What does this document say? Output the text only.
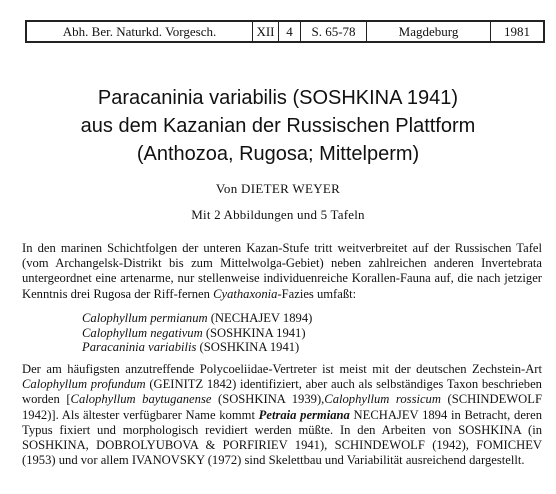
Abh. Ber. Naturkd. Vorgesch.	XII 4	S. 65-78	Magdeburg	1981
Paracaninia variabilis (SOSHKINA 1941)
aus dem Kazanian der Russischen Plattform
(Anthozoa, Rugosa; Mittelperm)
Von DIETER WEYER
Mit 2 Abbildungen und 5 Tafeln
In den marinen Schichtfolgen der unteren Kazan-Stufe tritt weitverbreitet auf der Russischen Tafel (vom Archangelsk-Distrikt bis zum Mittelwolga-Gebiet) neben zahlreichen anderen Invertebrata untergeordnet eine artenarme, nur stellenweise individuenreiche Korallen-Fauna auf, die nach jetziger Kenntnis drei Rugosa der Riff-fernen Cyathaxonia-Fazies umfaßt:
Calophyllum permianum (NECHAJEV 1894)
Calophyllum negativum (SOSHKINA 1941)
Paracaninia variabilis (SOSHKINA 1941)
Der am häufigsten anzutreffende Polycoeliidae-Vertreter ist meist mit der deutschen Zechstein-Art Calophyllum profundum (GEINITZ 1842) identifiziert, aber auch als selbständiges Taxon beschrieben worden [Calophyllum baytuganense (SOSHKINA 1939),Calophyllum rossicum (SCHINDEWOLF 1942)]. Als ältester verfügbarer Name kommt Petraia permiana NECHAJEV 1894 in Betracht, deren Typus fixiert und morphologisch revidiert werden müßte. In den Arbeiten von SOSHKINA (in SOSHKINA, DOBROLYUBOVA & PORFIRIEV 1941), SCHINDEWOLF (1942), FOMICHEV (1953) und vor allem IVANOVSKY (1972) sind Skelettbau und Variabilität ausreichend dargestellt.
